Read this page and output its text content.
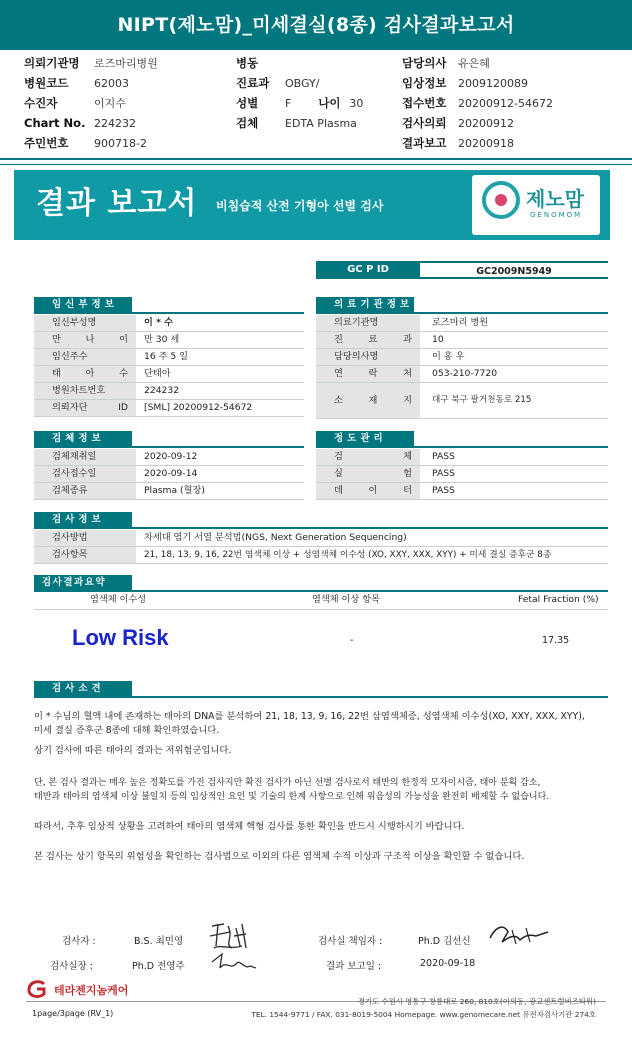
NIPT(제노맘)_미세결실(8종) 검사결과보고서
의뢰기관명 로즈마리병원
병원코드 62003
수진자	이지수
Chart No. 224232
주민번호 900718-2
병동
진료과 OBGY/
성별 F 나이 30
검체 EDTA Plasma
담당의사 유은혜
임상정보 2009120089
접수번호 20200912-54672
검사의뢰 20200912
결과보고 20200918
결과 보고서 비침습적 산전 기형아 선별 검사	제노맘
GENOMOM
GC P ID	GC2009N5949
임신부정보
임신부성명	이 * 수
만 나 이	만 30 세
임신주수	16 주 5 일
태 아 수	단태아
병원차트번호	224232
의뢰자단 ID	[SML] 20200912-54672
의료기관정보
의료기관명	로즈마리 병원
진 료 과	10
담당의사명	이 홍 우
연 락 처	053-210-7720
소 재 지	대구 북구 팔거천동로 215
검체정보
검체채취일	2020-09-12
검사접수일	2020-09-14
검체종류	Plasma (혈장)
정도관리
검 체	PASS
실 험	PASS
데 이 터	PASS
검사정보
검사방법	차세대 염기 서열 분석법(NGS, Next Generation Sequencing)
검사항목	21, 18, 13, 9, 16, 22번 염색체 이상 + 성염색체 이수성 (XO, XXY, XXX, XYY) + 미세 결실 증후군 8종
검사결과요약
염색체 이수성	염색체 이상 항목	Fetal Fraction (%)
Low Risk	-	17.35
검사소견
이 * 수님의 혈액 내에 존재하는 태아의 DNA를 분석하여 21, 18, 13, 9, 16, 22번 삼염색체증, 성염색체 이수성(XO, XXY, XXX, XYY),
미세 결실 증후군 8종에 대해 확인하였습니다.
상기 검사에 따른 태아의 결과는 저위험군입니다.
단, 본 검사 결과는 매우 높은 정확도를 가진 검사지만 확진 검사가 아닌 선별 검사로서 태반의 한정적 모자이시즘, 태아 분획 감소,
태반과 태아의 염색체 이상 불일치 등의 임상적인 요인 및 기술의 한계 사항으로 인해 위음성의 가능성을 완전히 배제할 수 없습니다.
따라서, 추후 임상적 상황을 고려하여 태아의 염색체 핵형 검사를 통한 확인을 반드시 시행하시기 바랍니다.
본 검사는 상기 항목의 위험성을 확인하는 검사법으로 이외의 다른 염색체 수적 이상과 구조적 이상을 확인할 수 없습니다.
검사자 :	B.S. 최민영
검사실장 :	Ph.D 전영주
검사실 책임자 :	Ph.D 김선신
결과 보고일 :	2020-09-18
테라젠지놈케어
1page/3page (RV_1)
경기도 수원시 영통구 창룡대로 260, 810호(이의동, 광교센트럴비즈타워)
TEL. 1544-9771 / FAX. 031-8019-5004 Homepage. www.genomecare.net 유전자검사기관 274호
